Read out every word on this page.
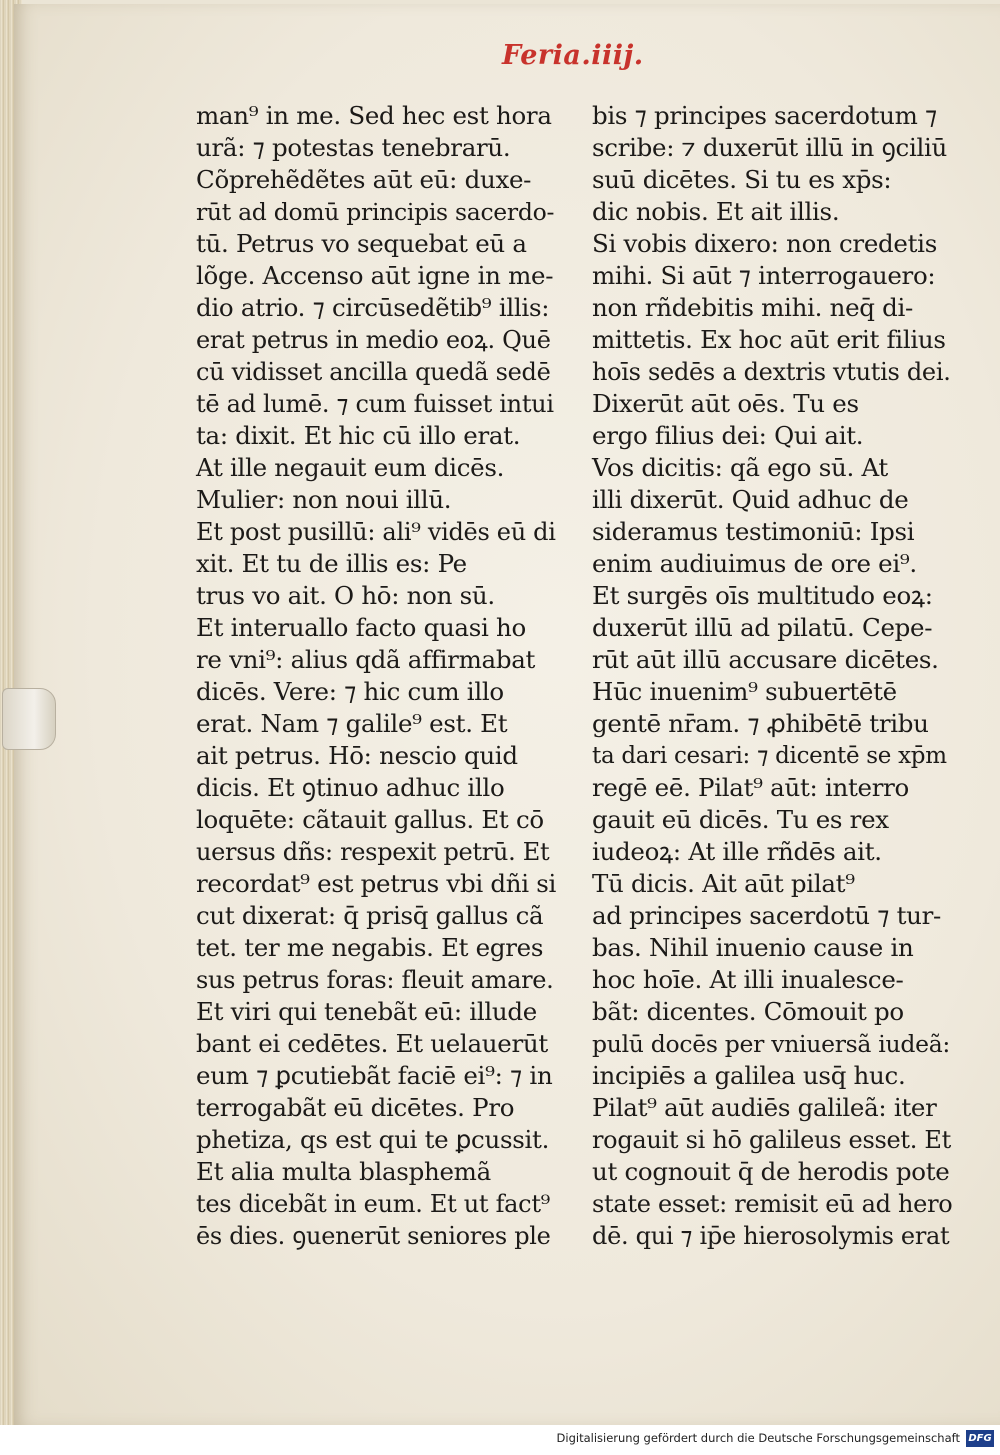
Feria.iiij.
man⁹ in me. Sed hec est hora
urã: ⁊ potestas tenebrarū.
Cõprehẽdẽtes aūt eū: duxe-
rūt ad domū principis sacerdo-
tū. Petrus vo sequebat eū a
lõge. Accenso aūt igne in me-
dio atrio. ⁊ circūsedẽtib⁹ illis:
erat petrus in medio eoꝝ. Quē
cū vidisset ancilla quedã sedē
tē ad lumē. ⁊ cum fuisset intui
ta: dixit. Et hic cū illo erat.
At ille negauit eum dicēs.
Mulier: non noui illū.
Et post pusillū: ali⁹ vidēs eū di
xit. Et tu de illis es: Pe
trus vo ait. O hō: non sū.
Et interuallo facto quasi ho
re vni⁹: alius qdã affirmabat
dicēs. Vere: ⁊ hic cum illo
erat. Nam ⁊ galile⁹ est. Et
ait petrus. Hō: nescio quid
dicis. Et ꝯtinuo adhuc illo
loquēte: cãtauit gallus. Et cō
uersus dñs: respexit petrū. Et
recordat⁹ est petrus vbi dñi si
cut dixerat: q̄ prisq̄ gallus cã
tet. ter me negabis. Et egres
sus petrus foras: fleuit amare.
Et viri qui tenebãt eū: illude
bant ei cedētes. Et uelauerūt
eum ⁊ ꝑcutiebãt faciē ei⁹: ⁊ in
terrogabãt eū dicētes. Pro
phetiza, qs est qui te ꝑcussit.
Et alia multa blasphemã
tes dicebãt in eum. Et ut fact⁹
ēs dies. ꝯuenerūt seniores ple
bis ⁊ principes sacerdotum ⁊
scribe: ⁊ duxerūt illū in ꝯciliū
suū dicētes. Si tu es xp̄s:
dic nobis. Et ait illis.
Si vobis dixero: non credetis
mihi. Si aūt ⁊ interrogauero:
non rñdebitis mihi. neq̄ di-
mittetis. Ex hoc aūt erit filius
hoīs sedēs a dextris vtutis dei.
Dixerūt aūt oēs. Tu es
ergo filius dei: Qui ait.
Vos dicitis: qã ego sū. At
illi dixerūt. Quid adhuc de
sideramus testimoniū: Ipsi
enim audiuimus de ore ei⁹.
Et surgēs oīs multitudo eoꝝ:
duxerūt illū ad pilatū. Cepe-
rūt aūt illū accusare dicētes.
Hūc inuenim⁹ subuertētē
gentē nr̄am. ⁊ ꝓhibētē tribu
ta dari cesari: ⁊ dicentē se xp̄m
regē eē. Pilat⁹ aūt: interro
gauit eū dicēs. Tu es rex
iudeoꝝ: At ille rñdēs ait.
Tū dicis. Ait aūt pilat⁹
ad principes sacerdotū ⁊ tur-
bas. Nihil inuenio cause in
hoc hoīe. At illi inualesce-
bãt: dicentes. Cōmouit po
pulū docēs per vniuersã iudeã:
incipiēs a galilea usq̄ huc.
Pilat⁹ aūt audiēs galileã: iter
rogauit si hō galileus esset. Et
ut cognouit q̄ de herodis pote
state esset: remisit eū ad hero
dē. qui ⁊ ip̄e hierosolymis erat
Digitalisierung gefördert durch die Deutsche Forschungsgemeinschaft DFG
